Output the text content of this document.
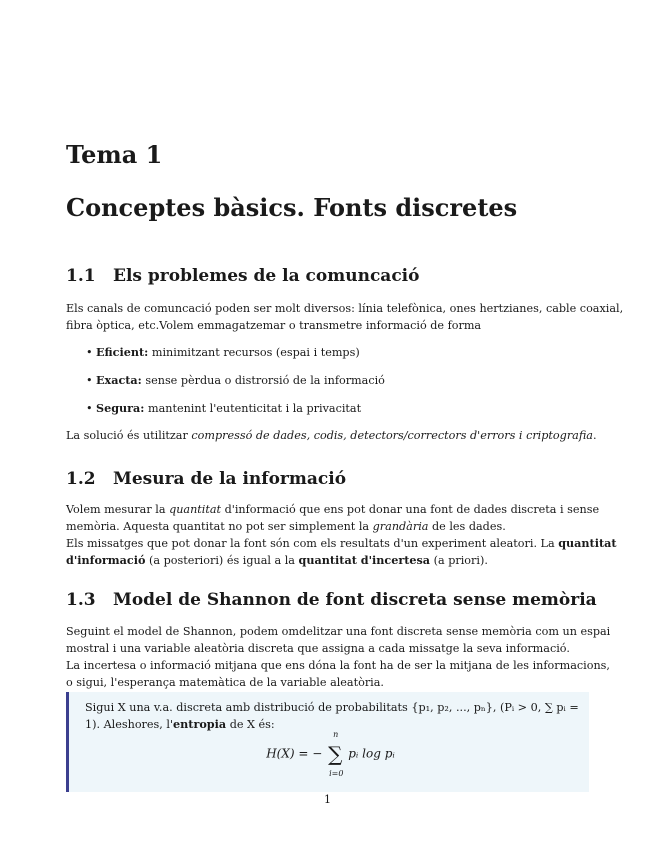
Tema 1
Conceptes bàsics. Fonts discretes
1.1 Els problemes de la comuncació

Els canals de comuncació poden ser molt diversos: línia telefònica, ones hertzianes, cable coaxial,
fibra òptica, etc.Volem emmagatzemar o transmetre informació de forma

• Eficient: minimitzant recursos (espai i temps)
• Exacta: sense pèrdua o distrorsió de la informació
• Segura: mantenint l'eutenticitat i la privacitat

La solució és utilitzar compressó de dades, codis, detectors/correctors d'errors i criptografia.

1.2 Mesura de la informació

Volem mesurar la quantitat d'informació que ens pot donar una font de dades discreta i sense
memòria. Aquesta quantitat no pot ser simplement la grandària de les dades.
Els missatges que pot donar la font són com els resultats d'un experiment aleatori. La quantitat
d'informació (a posteriori) és igual a la quantitat d'incertesa (a priori).

1.3 Model de Shannon de font discreta sense memòria

Seguint el model de Shannon, podem omdelitzar una font discreta sense memòria com un espai
mostral i una variable aleatòria discreta que assigna a cada missatge la seva informació.
La incertesa o informació mitjana que ens dóna la font ha de ser la mitjana de les informacions,
o sigui, l'esperança matemàtica de la variable aleatòria.

Sigui X una v.a. discreta amb distribució de probabilitats {p₁, p₂, ..., pₙ}, (Pᵢ > 0, ∑ pᵢ =
1). Aleshores, l'entropia de X és:
H(X) = − ∑
n
i=0
pᵢ log pᵢ
1
